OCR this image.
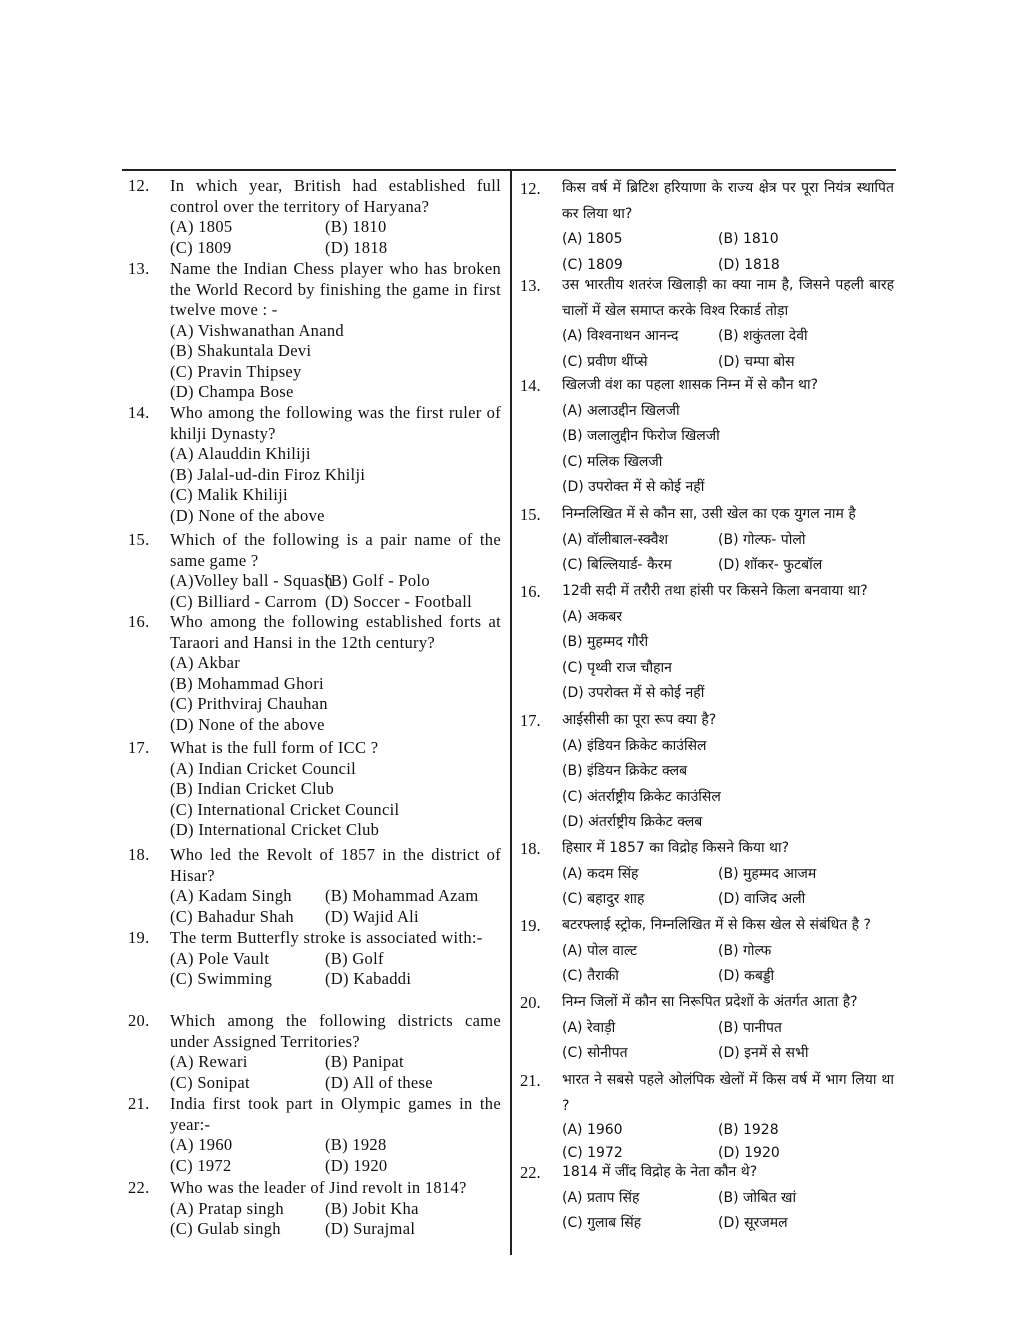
12. In which year, British had established full control over the territory of Haryana?
(A) 1805	(B) 1810
(C) 1809	(D) 1818
13. Name the Indian Chess player who has broken the World Record by finishing the game in first twelve move : -
(A) Vishwanathan Anand
(B) Shakuntala Devi
(C) Pravin Thipsey
(D) Champa Bose
14. Who among the following was the first ruler of khilji Dynasty?
(A) Alauddin Khiliji
(B) Jalal-ud-din Firoz Khilji
(C) Malik Khiliji
(D) None of the above
15. Which of the following is a pair name of the same game ?
(A)Volley ball - Squash
(B) Golf - Polo
(C) Billiard - Carrom (D) Soccer - Football
16. Who among the following established forts at Taraori and Hansi in the 12th century?
(A) Akbar
(B) Mohammad Ghori
(C) Prithviraj Chauhan
(D) None of the above
17. What is the full form of ICC ?
(A) Indian Cricket Council
(B) Indian Cricket Club
(C) International Cricket Council
(D) International Cricket Club
18. Who led the Revolt of 1857 in the district of Hisar?
(A) Kadam Singh	(B) Mohammad Azam
(C) Bahadur Shah	(D) Wajid Ali
19. The term Butterfly stroke is associated with:-
(A) Pole Vault	(B) Golf
(C) Swimming	(D) Kabaddi
20. Which among the following districts came under Assigned Territories?
(A) Rewari	(B) Panipat
(C) Sonipat	(D) All of these
21. India first took part in Olympic games in the year:-
(A) 1960	(B) 1928
(C) 1972	(D) 1920
22. Who was the leader of Jind revolt in 1814?
(A) Pratap singh	(B) Jobit Kha
(C) Gulab singh	(D) Surajmal
12. किस वर्ष में ब्रिटिश हरियाणा के राज्य क्षेत्र पर पूरा नियंत्र स्थापित कर लिया था?
(A) 1805	(B) 1810
(C) 1809	(D) 1818
13. उस भारतीय शतरंज खिलाड़ी का क्या नाम है, जिसने पहली बारह चालों में खेल समाप्त करके विश्व रिकार्ड तोड़ा
(A) विश्वनाथन आनन्द	(B) शकुंतला देवी
(C) प्रवीण थींप्से	(D) चम्पा बोस
14. खिलजी वंश का पहला शासक निम्न में से कौन था?
(A) अलाउद्दीन खिलजी
(B) जलालुद्दीन फिरोज खिलजी
(C) मलिक खिलजी
(D) उपरोक्त में से कोई नहीं
15. निम्नलिखित में से कौन सा, उसी खेल का एक युगल नाम है
(A) वॉलीबाल-स्क्वैश	(B) गोल्फ- पोलो
(C) बिल्लियार्ड- कैरम	(D) शॉकर- फुटबॉल
16. 12वी सदी में तरौरी तथा हांसी पर किसने किला बनवाया था?
(A) अकबर
(B) मुहम्मद गौरी
(C) पृथ्वी राज चौहान
(D) उपरोक्त में से कोई नहीं
17. आईसीसी का पूरा रूप क्या है?
(A) इंडियन क्रिकेट काउंसिल
(B) इंडियन क्रिकेट क्लब
(C) अंतर्राष्ट्रीय क्रिकेट काउंसिल
(D) अंतर्राष्ट्रीय क्रिकेट क्लब
18. हिसार में 1857 का विद्रोह किसने किया था?
(A) कदम सिंह	(B) मुहम्मद आजम
(C) बहादुर शाह	(D) वाजिद अली
19. बटरफ्लाई स्ट्रोक, निम्नलिखित में से किस खेल से संबंधित है ?
(A) पोल वाल्ट	(B) गोल्फ
(C) तैराकी	(D) कबड्डी
20. निम्न जिलों में कौन सा निरूपित प्रदेशों के अंतर्गत आता है?
(A) रेवाड़ी	(B) पानीपत
(C) सोनीपत	(D) इनमें से सभी
21. भारत ने सबसे पहले ओलंपिक खेलों में किस वर्ष में भाग लिया था ?
(A) 1960	(B) 1928
(C) 1972	(D) 1920
22. 1814 में जींद विद्रोह के नेता कौन थे?
(A) प्रताप सिंह	(B) जोबित खां
(C) गुलाब सिंह	(D) सूरजमल
